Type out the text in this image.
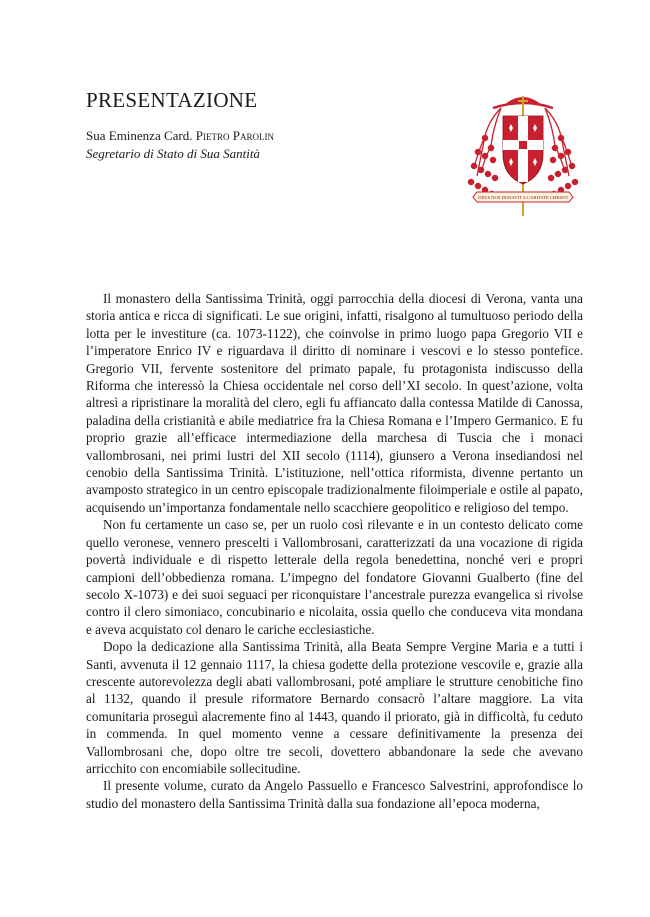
PRESENTAZIONE
Sua Eminenza Card. Pietro Parolin
Segretario di Stato di Sua Santità
DEUS NOS DONAVIT A CARITATE CHRISTI

Il monastero della Santissima Trinità, oggi parrocchia della diocesi di Verona, vanta una storia antica e ricca di significati. Le sue origini, infatti, risalgono al tumultuoso periodo della lotta per le investiture (ca. 1073-1122), che coinvolse in primo luogo papa Gregorio VII e l’imperatore Enrico IV e riguardava il diritto di nominare i vescovi e lo stesso pontefice. Gregorio VII, fervente sostenitore del primato papale, fu protagonista indiscusso della Riforma che interessò la Chiesa occidentale nel corso dell’XI secolo. In quest’azione, volta altresì a ripristinare la moralità del clero, egli fu affiancato dalla contessa Matilde di Canossa, paladina della cristianità e abile mediatrice fra la Chiesa Romana e l’Impero Germanico. E fu proprio grazie all’efficace intermediazione della marchesa di Tuscia che i monaci vallombrosani, nei primi lustri del XII secolo (1114), giunsero a Verona insediandosi nel cenobio della Santissima Trinità. L’istituzione, nell’ottica riformista, divenne pertanto un avamposto strategico in un centro episcopale tradizionalmente filoimperiale e ostile al papato, acquisendo un’importanza fondamentale nello scacchiere geopolitico e religioso del tempo.

Non fu certamente un caso se, per un ruolo così rilevante e in un contesto delicato come quello veronese, vennero prescelti i Vallombrosani, caratterizzati da una vocazione di rigida povertà individuale e di rispetto letterale della regola benedettina, nonché veri e propri campioni dell’obbedienza romana. L’impegno del fondatore Giovanni Gualberto (fine del secolo X-1073) e dei suoi seguaci per riconquistare l’ancestrale purezza evangelica si rivolse contro il clero simoniaco, concubinario e nicolaita, ossia quello che conduceva vita mondana e aveva acquistato col denaro le cariche ecclesiastiche.

Dopo la dedicazione alla Santissima Trinità, alla Beata Sempre Vergine Maria e a tutti i Santi, avvenuta il 12 gennaio 1117, la chiesa godette della protezione vescovile e, grazie alla crescente autorevolezza degli abati vallombrosani, poté ampliare le strutture cenobitiche fino al 1132, quando il presule riformatore Bernardo consacrò l’altare maggiore. La vita comunitaria proseguì alacremente fino al 1443, quando il priorato, già in difficoltà, fu ceduto in commenda. In quel momento venne a cessare definitivamente la presenza dei Vallombrosani che, dopo oltre tre secoli, dovettero abbandonare la sede che avevano arricchito con encomiabile sollecitudine.

Il presente volume, curato da Angelo Passuello e Francesco Salvestrini, approfondisce lo studio del monastero della Santissima Trinità dalla sua fondazione all’epoca moderna,
